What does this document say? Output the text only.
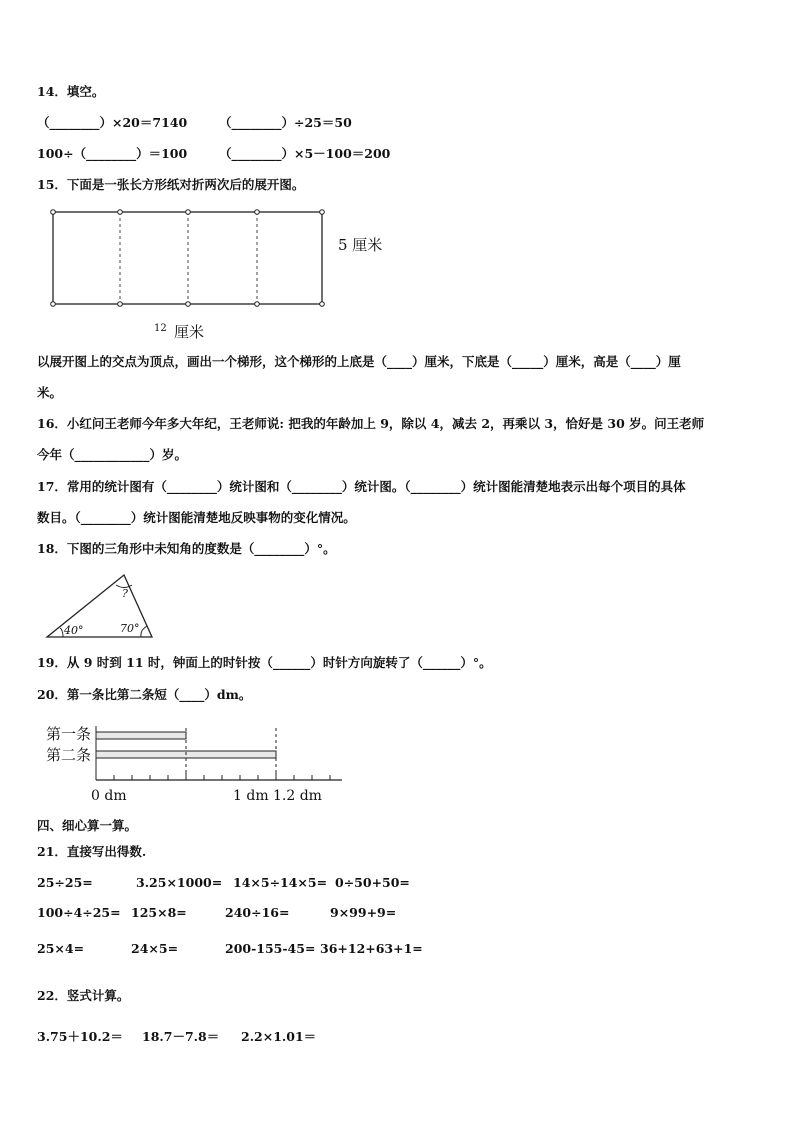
14．填空。
（________）×20＝7140	（________）÷25＝50
100÷（________）＝100	（________）×5－100＝200
15．下面是一张长方形纸对折两次后的展开图。
5 厘米
12 厘米
以展开图上的交点为顶点，画出一个梯形，这个梯形的上底是（____）厘米，下底是（_____）厘米，高是（____）厘
米。
16．小红问王老师今年多大年纪，王老师说: 把我的年龄加上 9，除以 4，减去 2，再乘以 3，恰好是 30 岁。问王老师
今年（____________）岁。
17．常用的统计图有（________）统计图和（________）统计图。（________）统计图能清楚地表示出每个项目的具体
数目。（________）统计图能清楚地反映事物的变化情况。
18．下图的三角形中未知角的度数是（________）°。
?
40°	70°
19．从 9 时到 11 时，钟面上的时针按（______）时针方向旋转了（______）°。
20．第一条比第二条短（____）dm。
第一条
第二条
0 dm	1 dm 1.2 dm
四、细心算一算。
21．直接写出得数.
25÷25=	3.25×1000= 14×5÷14×5= 0÷50+50=
100÷4÷25= 125×8=	240÷16=	9×99+9=
25×4=	24×5=	200-155-45= 36+12+63+1=
22．竖式计算。
3.75＋10.2＝ 18.7－7.8＝ 2.2×1.01＝
